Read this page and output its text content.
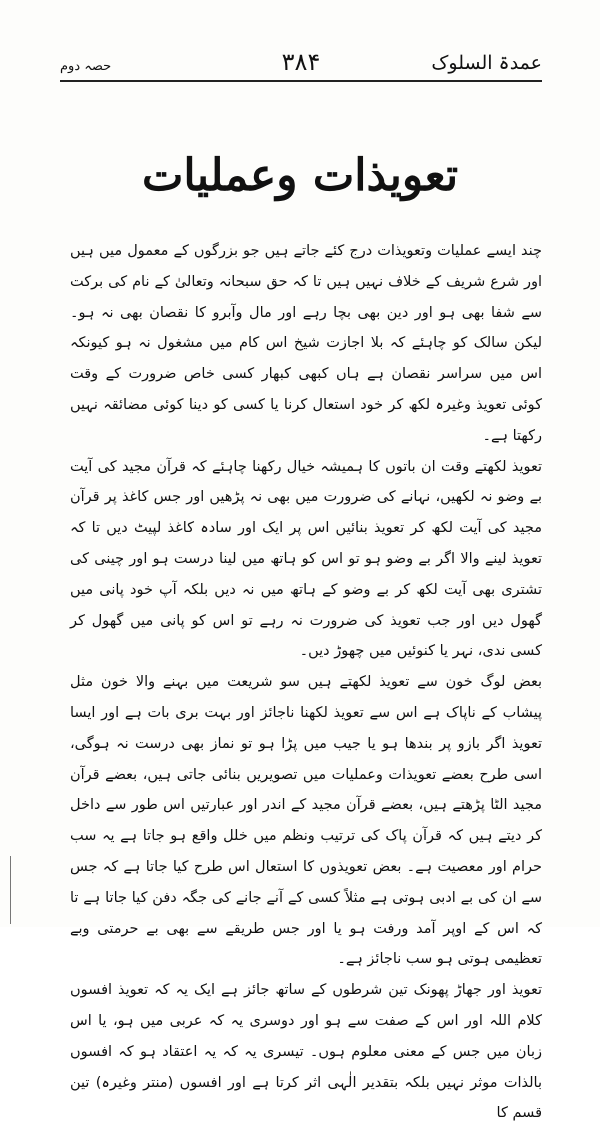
عمدۃ السلوک
۳۸۴
حصہ دوم
تعویذات وعملیات

چند ایسے عملیات وتعویذات درج کئے جاتے ہیں جو بزرگوں کے معمول میں ہیں اور شرع شریف کے خلاف نہیں ہیں تا کہ حق سبحانہ وتعالیٰ کے نام کی برکت سے شفا بھی ہو اور دین بھی بچا رہے اور مال وآبرو کا نقصان بھی نہ ہو۔ لیکن سالک کو چاہئے کہ بلا اجازت شیخ اس کام میں مشغول نہ ہو کیونکہ اس میں سراسر نقصان ہے ہاں کبھی کبھار کسی خاص ضرورت کے وقت کوئی تعویذ وغیرہ لکھ کر خود استعال کرنا یا کسی کو دینا کوئی مضائقہ نہیں رکھتا ہے۔

تعویذ لکھتے وقت ان باتوں کا ہمیشہ خیال رکھنا چاہئے کہ قرآن مجید کی آیت بے وضو نہ لکھیں، نہانے کی ضرورت میں بھی نہ پڑھیں اور جس کاغذ پر قرآن مجید کی آیت لکھ کر تعویذ بنائیں اس پر ایک اور سادہ کاغذ لپیٹ دیں تا کہ تعویذ لینے والا اگر بے وضو ہو تو اس کو ہاتھ میں لینا درست ہو اور چینی کی تشتری بھی آیت لکھ کر بے وضو کے ہاتھ میں نہ دیں بلکہ آپ خود پانی میں گھول دیں اور جب تعویذ کی ضرورت نہ رہے تو اس کو پانی میں گھول کر کسی ندی، نہر یا کنوئیں میں چھوڑ دیں۔

بعض لوگ خون سے تعویذ لکھتے ہیں سو شریعت میں بہنے والا خون مثل پیشاب کے ناپاک ہے اس سے تعویذ لکھنا ناجائز اور بہت بری بات ہے اور ایسا تعویذ اگر بازو پر بندھا ہو یا جیب میں پڑا ہو تو نماز بھی درست نہ ہوگی، اسی طرح بعضے تعویذات وعملیات میں تصویریں بنائی جاتی ہیں، بعضے قرآن مجید الٹا پڑھتے ہیں، بعضے قرآن مجید کے اندر اور عبارتیں اس طور سے داخل کر دیتے ہیں کہ قرآن پاک کی ترتیب ونظم میں خلل واقع ہو جاتا ہے یہ سب حرام اور معصیت ہے۔ بعض تعویذوں کا استعال اس طرح کیا جاتا ہے کہ جس سے ان کی بے ادبی ہوتی ہے مثلاً کسی کے آنے جانے کی جگہ دفن کیا جاتا ہے تا کہ اس کے اوپر آمد ورفت ہو یا اور جس طریقے سے بھی بے حرمتی وبے تعظیمی ہوتی ہو سب ناجائز ہے۔

تعویذ اور جھاڑ پھونک تین شرطوں کے ساتھ جائز ہے ایک یہ کہ تعویذ افسوں کلام اللہ اور اس کے صفت سے ہو اور دوسری یہ کہ عربی میں ہو، یا اس زبان میں جس کے معنی معلوم ہوں۔ تیسری یہ کہ یہ اعتقاد ہو کہ افسوں بالذات موثر نہیں بلکہ بتقدیر الٰہی اثر کرتا ہے اور افسوں (منتر وغیرہ) تین قسم کا
